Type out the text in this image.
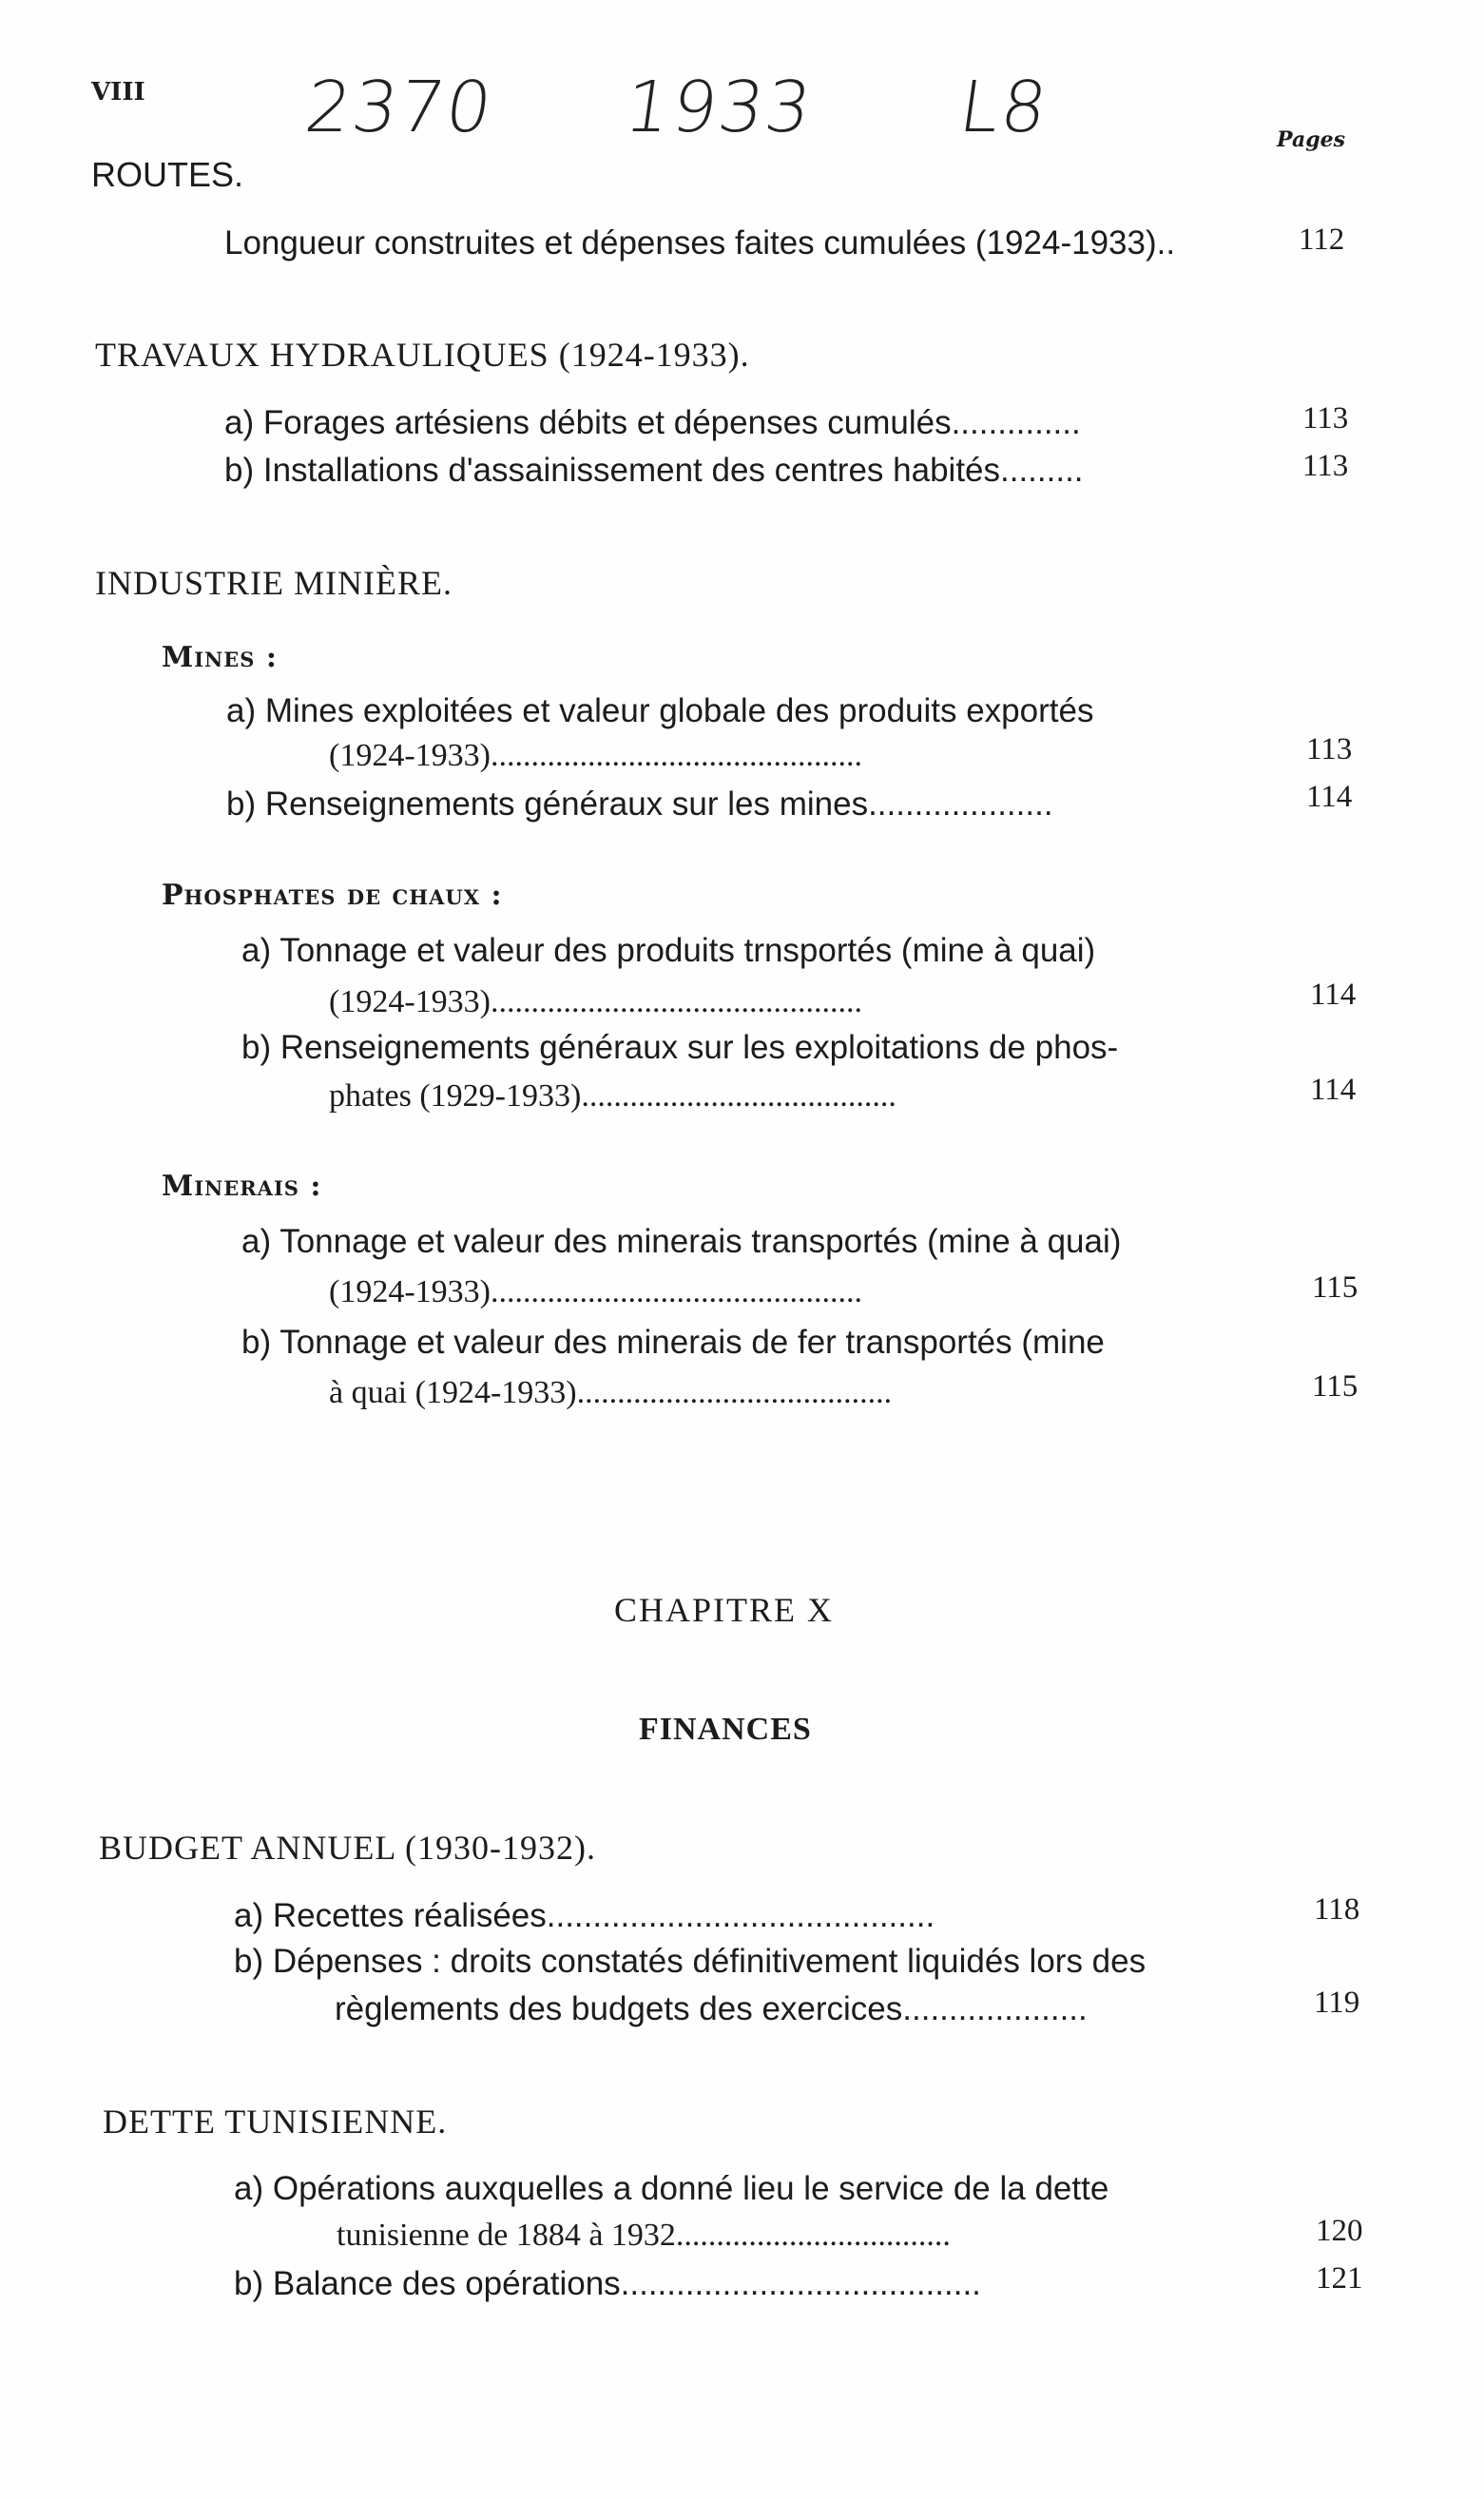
VIII 2370 1933 L8	Pages
ROUTES.
Longueur construites et dépenses faites cumulées (1924-1933)..	112
TRAVAUX HYDRAULIQUES (1924-1933).
a) Forages artésiens débits et dépenses cumulés..............	113
b) Installations d'assainissement des centres habités.........	113
INDUSTRIE MINIÈRE.
Mines :
a) Mines exploitées et valeur globale des produits exportés
(1924-1933)..............................................	113
b) Renseignements généraux sur les mines....................	114
Phosphates de chaux :
a) Tonnage et valeur des produits trnsportés (mine à quai)
(1924-1933)..............................................	114
b) Renseignements généraux sur les exploitations de phos-
phates (1929-1933).......................................	114
Minerais :
a) Tonnage et valeur des minerais transportés (mine à quai)
(1924-1933)..............................................	115
b) Tonnage et valeur des minerais de fer transportés (mine
à quai (1924-1933).......................................	115
CHAPITRE X
FINANCES
BUDGET ANNUEL (1930-1932).
a) Recettes réalisées..........................................	118
b) Dépenses : droits constatés définitivement liquidés lors des
règlements des budgets des exercices....................	119
DETTE TUNISIENNE.
a) Opérations auxquelles a donné lieu le service de la dette
tunisienne de 1884 à 1932..................................	120
b) Balance des opérations.......................................	121
